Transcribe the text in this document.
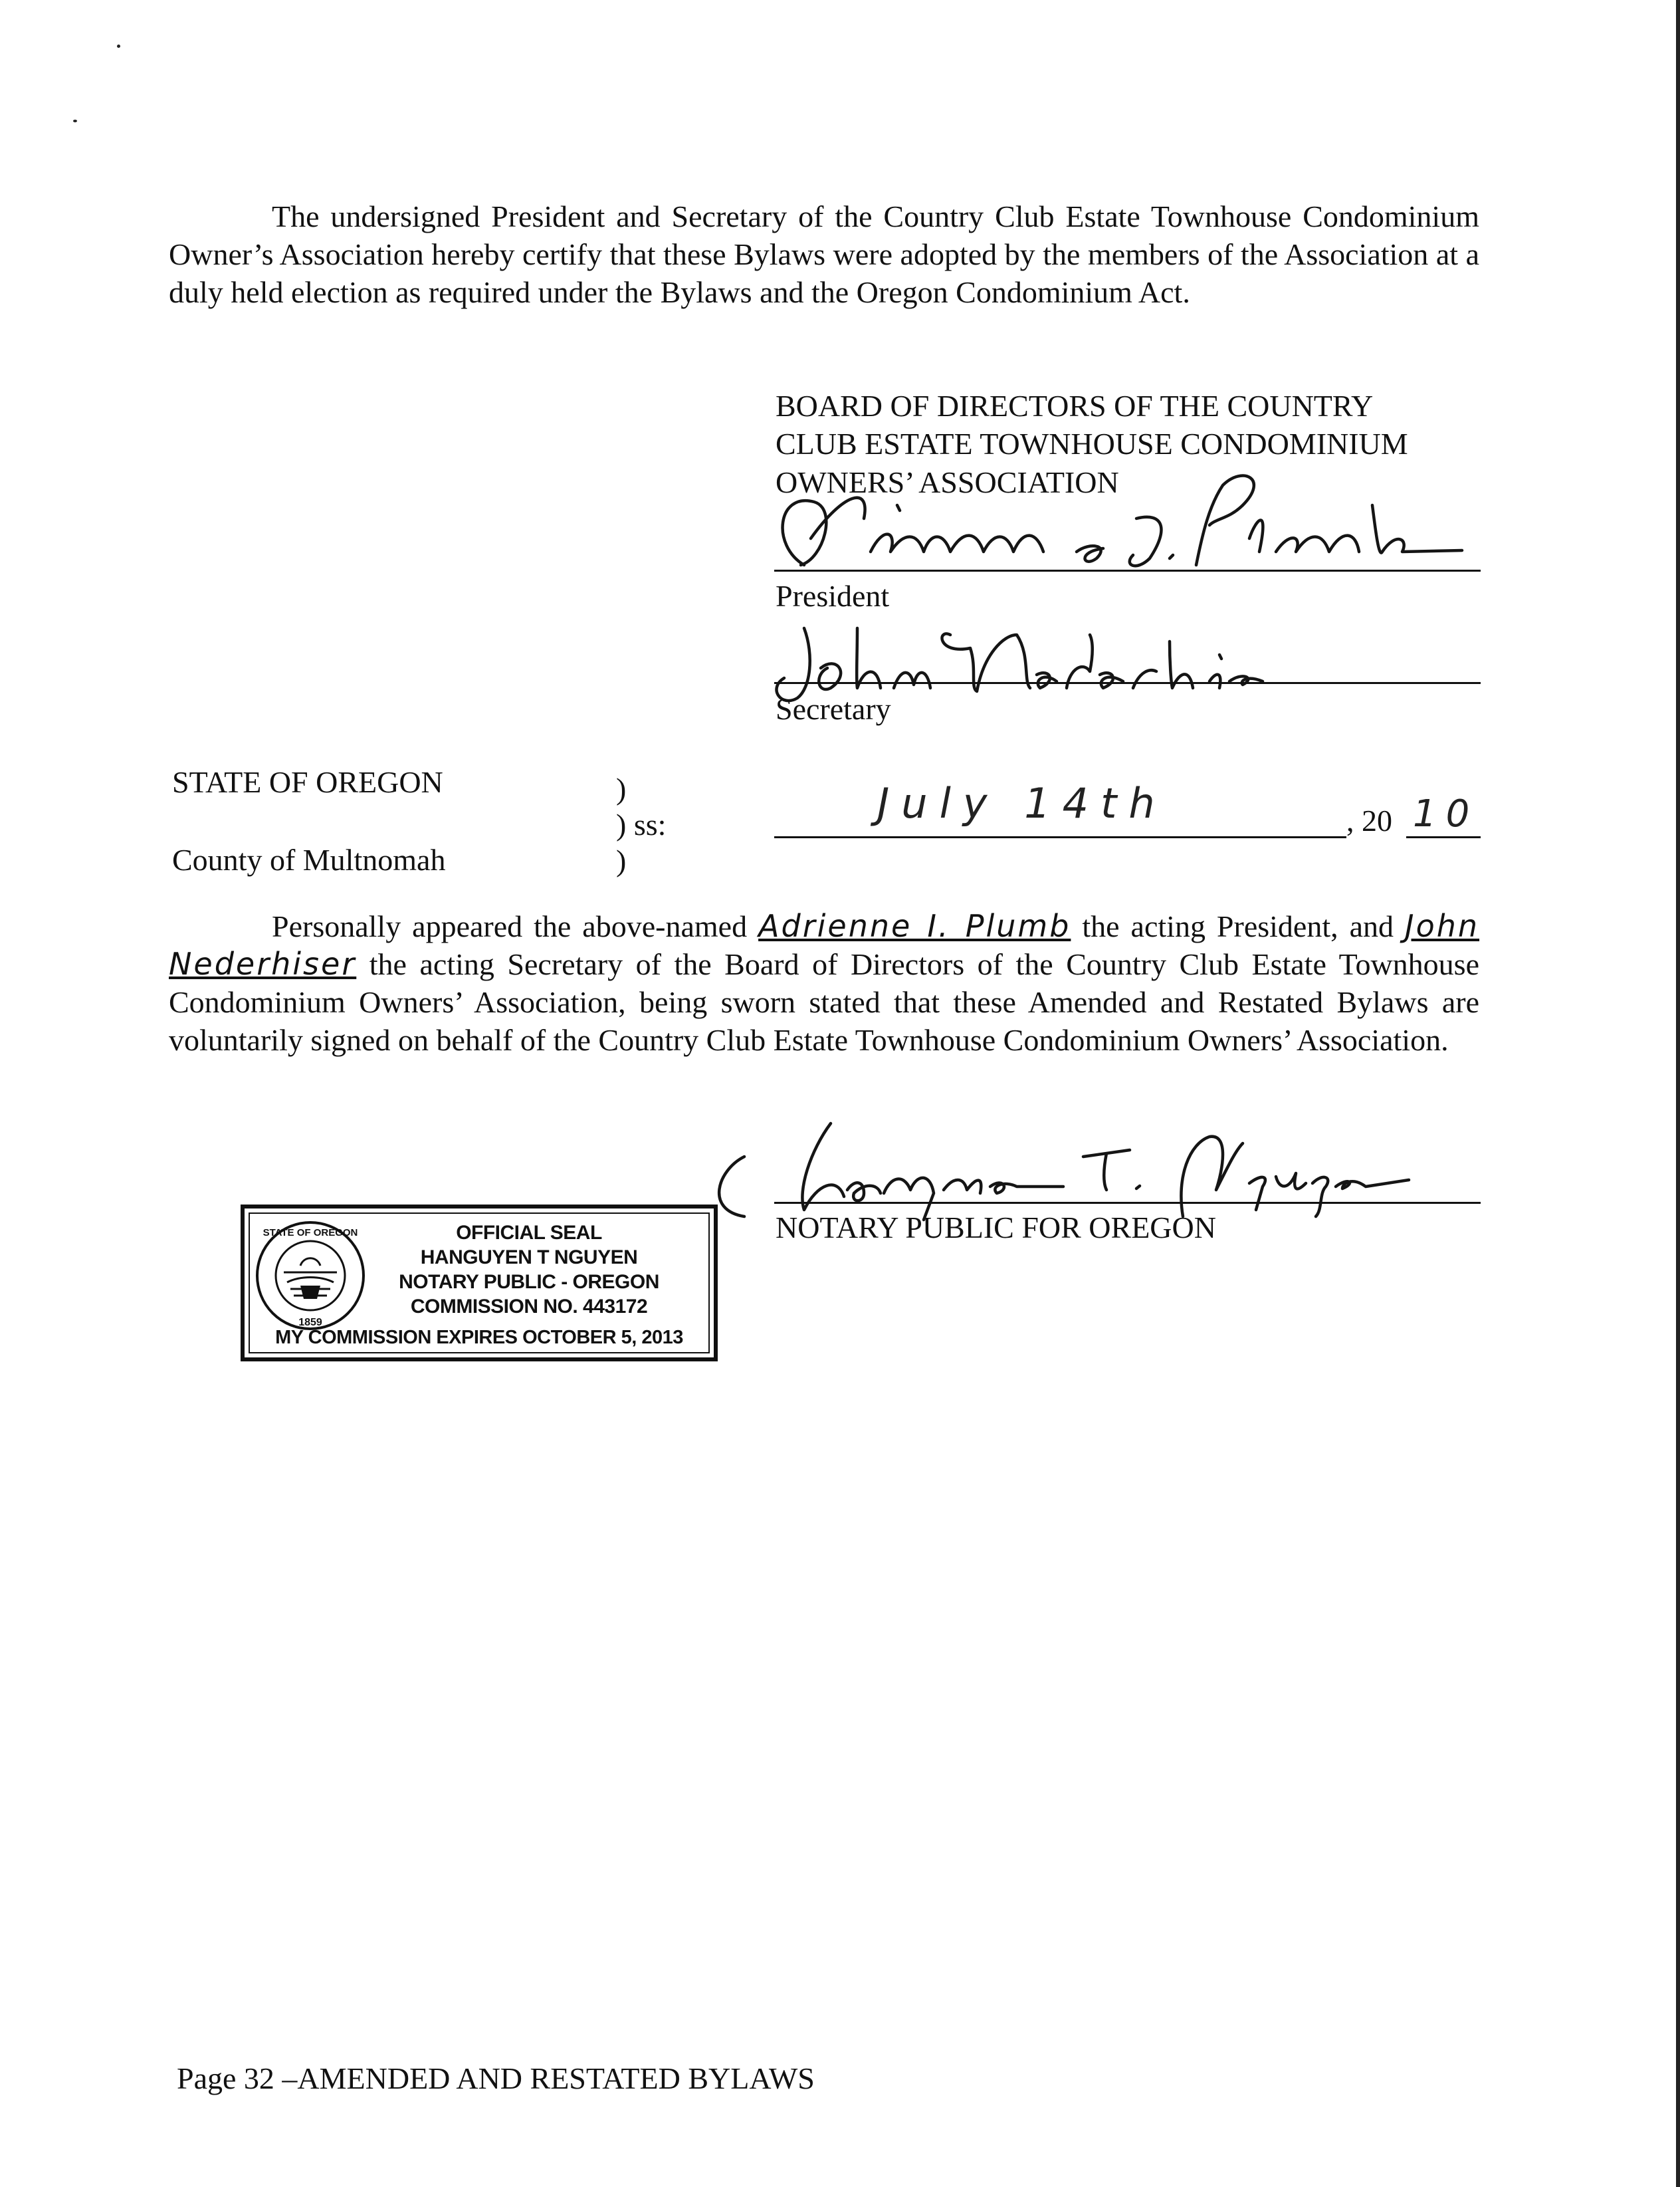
The undersigned President and Secretary of the Country Club Estate Townhouse Condominium Owner’s Association hereby certify that these Bylaws were adopted by the members of the Association at a duly held election as required under the Bylaws and the Oregon Condominium Act.
BOARD OF DIRECTORS OF THE COUNTRY
CLUB ESTATE TOWNHOUSE CONDOMINIUM
OWNERS’ ASSOCIATION
President
Secretary
STATE OF OREGON	)
) ss:
)
County of Multnomah
July 14th	, 20 10
Personally appeared the above-named Adrienne I. Plumb the acting President, and John Nederhiser the acting Secretary of the Board of Directors of the Country Club Estate Townhouse Condominium Owners’ Association, being sworn stated that these Amended and Restated Bylaws are voluntarily signed on behalf of the Country Club Estate Townhouse Condominium Owners’ Association.
NOTARY PUBLIC FOR OREGON
STATE OF OREGON
1859
OFFICIAL SEAL
HANGUYEN T NGUYEN
NOTARY PUBLIC - OREGON
COMMISSION NO. 443172
MY COMMISSION EXPIRES OCTOBER 5, 2013
Page 32 –AMENDED AND RESTATED BYLAWS
